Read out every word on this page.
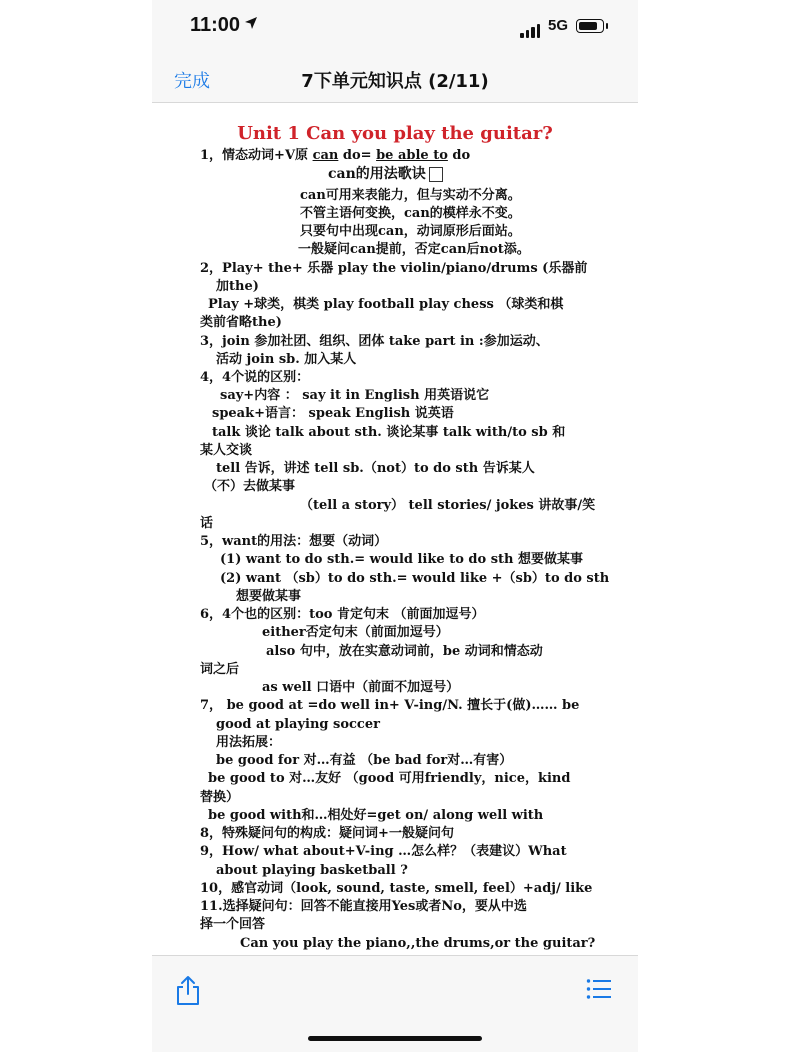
11:00	5G
完成	7下单元知识点 (2/11)
Unit 1 Can you play the guitar?
1，情态动词+V原 can do= be able to do
can的用法歌诀
can可用来表能力，但与实动不分离。
不管主语何变换，can的模样永不变。
只要句中出现can，动词原形后面站。
一般疑问can提前，否定can后not添。
2，Play+ the+ 乐器 play the violin/piano/drums (乐器前
加the)
Play +球类，棋类 play football play chess （球类和棋
类前省略the)
3，join 参加社团、组织、团体 take part in :参加运动、
活动 join sb. 加入某人
4，4个说的区别：
say+内容 ： say it in English 用英语说它
speak+语言： speak English 说英语
talk 谈论 talk about sth. 谈论某事 talk with/to sb 和
某人交谈
tell 告诉，讲述 tell sb.（not）to do sth 告诉某人
（不）去做某事
（tell a story） tell stories/ jokes 讲故事/笑
话
5，want的用法：想要（动词）
(1) want to do sth.= would like to do sth 想要做某事
(2) want （sb）to do sth.= would like +（sb）to do sth
想要做某事
6，4个也的区别：too 肯定句末 （前面加逗号）
either否定句末（前面加逗号）
also 句中，放在实意动词前，be 动词和情态动
词之后
as well 口语中（前面不加逗号）
7， be good at =do well in+ V-ing/N. 擅长于(做)…… be
good at playing soccer
用法拓展：
be good for 对…有益 （be bad for对…有害）
be good to 对…友好 （good 可用friendly，nice，kind
替换）
be good with和…相处好=get on/ along well with
8，特殊疑问句的构成：疑问词+一般疑问句
9，How/ what about+V-ing …怎么样？（表建议）What
about playing basketball ?
10，感官动词（look, sound, taste, smell, feel）+adj/ like
11.选择疑问句：回答不能直接用Yes或者No，要从中选
择一个回答
Can you play the piano,,the drums,or the guitar?
